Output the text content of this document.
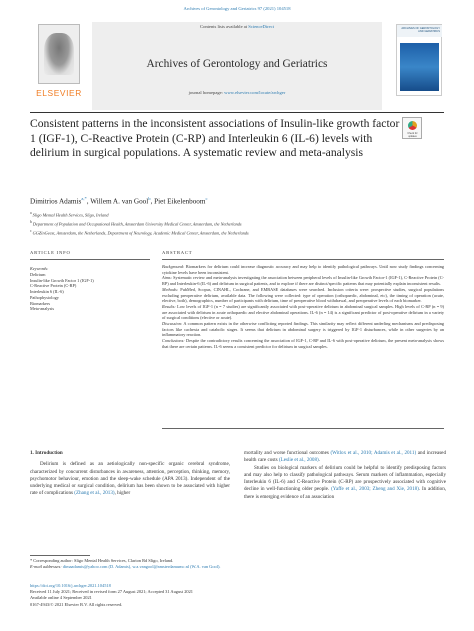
Archives of Gerontology and Geriatrics 97 (2021) 104518
ELSEVIER
Contents lists available at ScienceDirect
Archives of Gerontology and Geriatrics
journal homepage: www.elsevier.com/locate/archger
ARCHIVES OF GERONTOLOGY AND GERIATRICS
Consistent patterns in the inconsistent associations of Insulin-like growth factor 1 (IGF-1), C-Reactive Protein (C-RP) and Interleukin 6 (IL-6) levels with delirium in surgical populations. A systematic review and meta-analysis
Check for updates
Dimitrios Adamis$^{a,*}$, Willem A. van Gool$^b$, Piet Eikelenboom$^c$
$^a$ Sligo Mental Health Services, Sligo, Ireland
$^b$ Department of Population and Occupational Health, Amsterdam University Medical Center, Amsterdam, the Netherlands
$^c$ GGZinGeest, Amsterdam, the Netherlands, Department of Neurology, Academic Medical Center, Amsterdam, the Netherlands
ARTICLE INFO	ABSTRACT
Keywords:
Delirium
Insulin-like Growth Factor 1 (IGF-1)
C-Reactive Protein (C-RP)
Interleukin 6 (IL-6)
Pathophysiology
Biomarkers
Meta-analysis

Background: Biomarkers for delirium could increase diagnostic accuracy and may help to identify pathological pathways. Until now study findings concerning cytokine levels have been inconsistent.

Aims: Systematic review and meta-analysis investigating the association between peripheral levels of Insulin-like Growth Factor-1 (IGF-1), C-Reactive Protein (C-RP) and Interleukin-6 (IL-6) and delirium in surgical patients, and to explore if there are distinct/specific patterns that may potentially explain inconsistent results.

Methods: PubMed, Scopus, CINAHL, Cochrane, and EMBASE databases were searched. Inclusion criteria were: prospective studies, surgical populations excluding preoperative delirium, available data. The following were collected: type of operation (orthopaedic, abdominal, etc), the timing of operation (acute, elective, both), demographics, number of participants with delirium, time of preoperative blood withdrawal, and preoperative levels of each biomarker.

Results: Low levels of IGF-1 (n = 7 studies) are significantly associated with post-operative delirium in abdominal surgical samples. High levels of C-RP (n = 9) are associated with delirium in acute orthopaedic and elective abdominal operations. IL-6 (n = 14) is a significant predictor of post-operative delirium in a variety of surgical conditions (elective or acute).

Discussion: A common pattern exists in the otherwise conflicting reported findings. This similarity may reflect different underling mechanisms and predisposing factors like cachexia and catabolic stages. It seems that delirium in abdominal surgery is triggered by IGF-1 disturbances, while in other surgeries by an inflammatory reaction.

Conclusions: Despite the contradictory results concerning the association of IGF-1, C-RP and IL-6 with post-operative delirium, the present meta-analysis shows that there are certain patterns. IL-6 seems a consistent predictor for delirium in surgical samples.

1. Introduction

Delirium is defined as an aetiologically non-specific organic cerebral syndrome, characterized by concurrent disturbances in awareness, attention, perception, thinking, memory, psychomotor behaviour, emotion and the sleep-wake schedule (APA 2013). Independent of the underlying medical or surgical condition, delirium has been shown to be associated with higher rate of complications (Zhang et al., 2013), higher

mortality and worse functional outcomes (Witlox et al., 2010; Adamis et al., 2011) and increased health care costs (Leslie et al., 2008).

Studies on biological markers of delirium could be helpful to identify predisposing factors and may also help to classify pathological pathways. Serum markers of inflammation, especially Interleukin 6 (IL-6) and C-Reactive Protein (C-RP) are prospectively associated with cognitive decline in well-functioning older people. (Yaffe et al., 2003; Zheng and Xie, 2018). In addition, there is emerging evidence of an association

* Corresponding author: Sligo Mental Health Services, Clarion Rd Sligo, Ireland.
E-mail addresses: dimaadamis@yahoo.com (D. Adamis), w.a.vangool@amsterdamumc.nl (W.A. van Gool).
https://doi.org/10.1016/j.archger.2021.104518
Received 11 July 2021; Received in revised form 27 August 2021; Accepted 31 August 2021
Available online 4 September 2021
0167-4943/© 2021 Elsevier B.V. All rights reserved.
